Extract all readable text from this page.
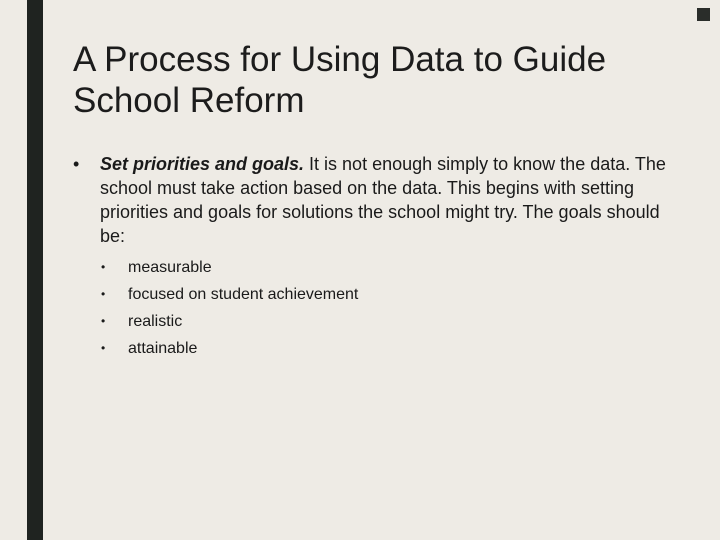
A Process for Using Data to Guide School Reform

• Set priorities and goals. It is not enough simply to know the data. The school must take action based on the data. This begins with setting priorities and goals for solutions the school might try. The goals should be:

• measurable
• focused on student achievement
• realistic
• attainable
